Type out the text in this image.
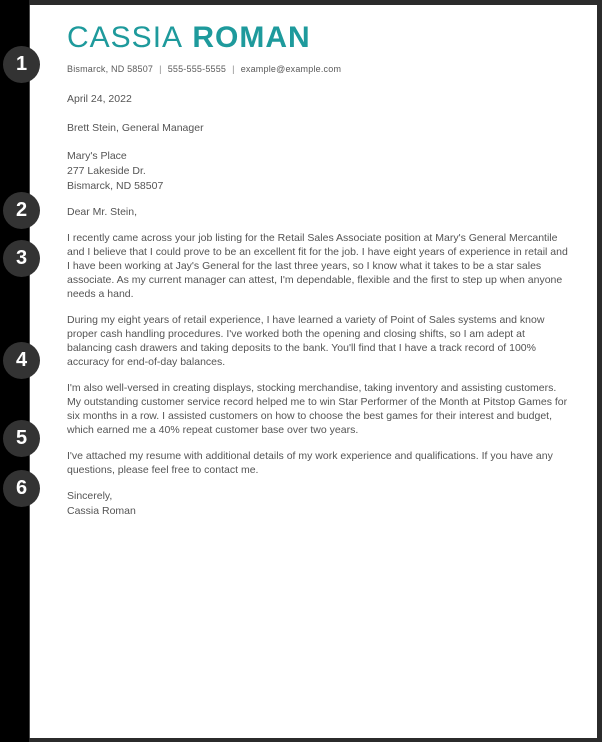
1
2
3
4
5
6
CASSIA ROMAN
Bismarck, ND 58507 | 555-555-5555 | example@example.com
April 24, 2022
Brett Stein, General Manager
Mary's Place
277 Lakeside Dr.
Bismarck, ND 58507
Dear Mr. Stein,

I recently came across your job listing for the Retail Sales Associate position at Mary's General Mercantile and I believe that I could prove to be an excellent fit for the job. I have eight years of experience in retail and I have been working at Jay's General for the last three years, so I know what it takes to be a star sales associate. As my current manager can attest, I'm dependable, flexible and the first to step up when anyone needs a hand.

During my eight years of retail experience, I have learned a variety of Point of Sales systems and know proper cash handling procedures. I've worked both the opening and closing shifts, so I am adept at balancing cash drawers and taking deposits to the bank. You'll find that I have a track record of 100% accuracy for end-of-day balances.

I'm also well-versed in creating displays, stocking merchandise, taking inventory and assisting customers. My outstanding customer service record helped me to win Star Performer of the Month at Pitstop Games for six months in a row. I assisted customers on how to choose the best games for their interest and budget, which earned me a 40% repeat customer base over two years.

I've attached my resume with additional details of my work experience and qualifications. If you have any questions, please feel free to contact me.

Sincerely,
Cassia Roman
